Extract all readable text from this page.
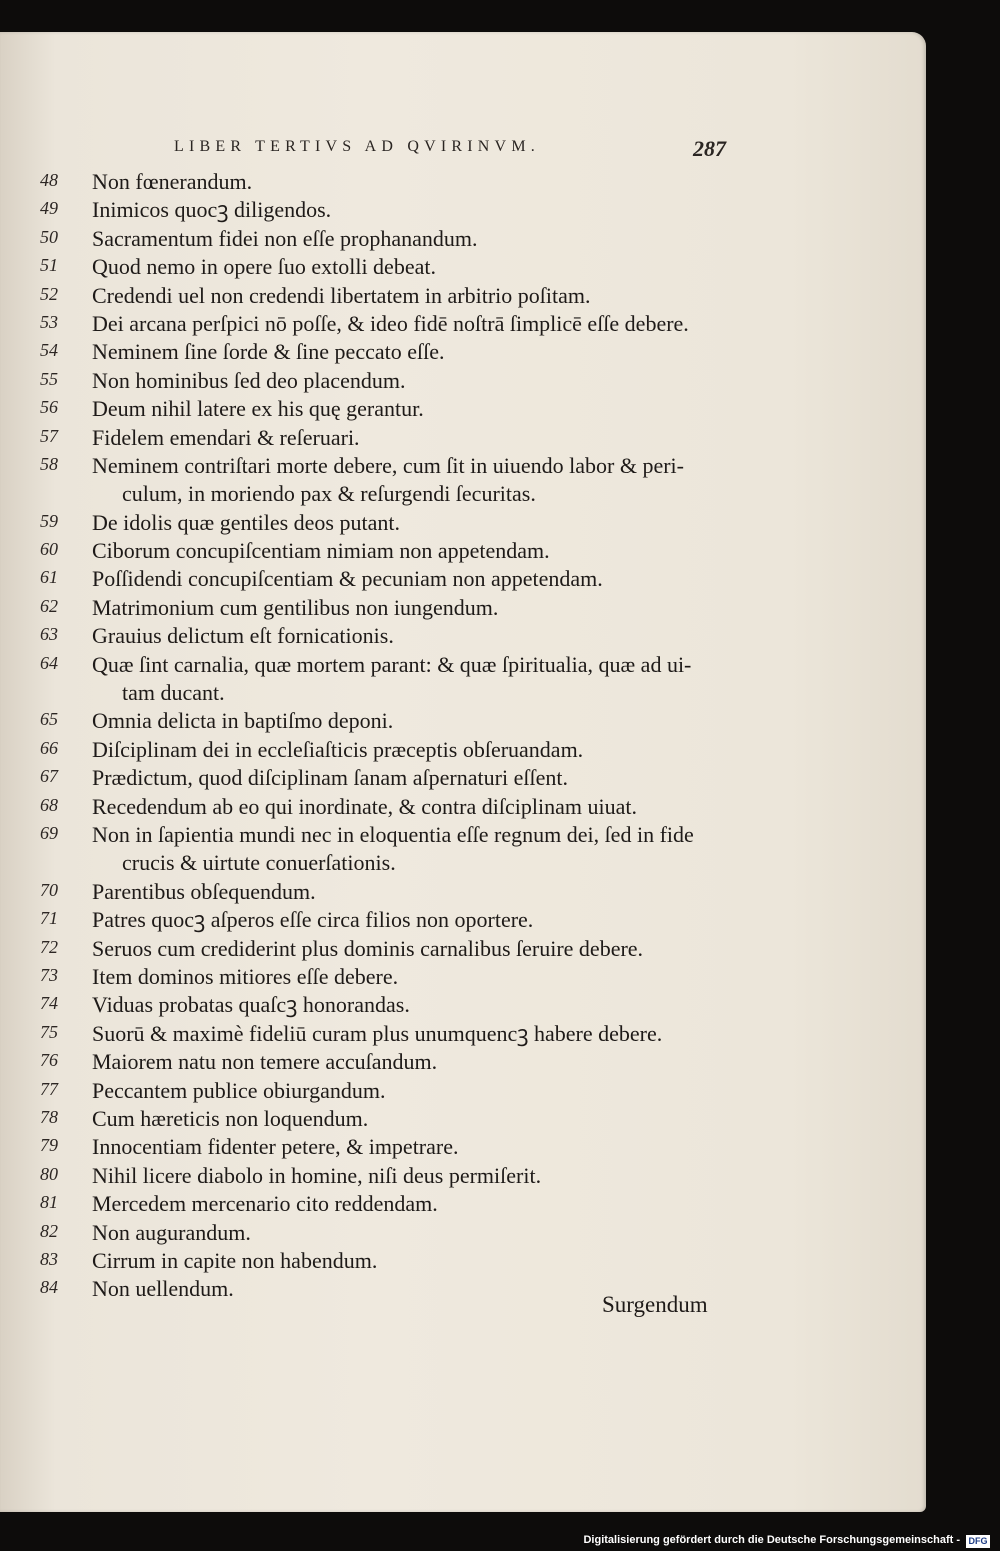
LIBER TERTIVS AD QVIRINVM.	287
Surgendum
48	Non fœnerandum.
49	Inimicos quocꝫ diligendos.
50	Sacramentum fidei non eſſe prophanandum.
51	Quod nemo in opere ſuo extolli debeat.
52	Credendi uel non credendi libertatem in arbitrio poſitam.
53	Dei arcana perſpici nō poſſe, & ideo fidē noſtrā ſimplicē eſſe debere.
54	Neminem ſine ſorde & ſine peccato eſſe.
55	Non hominibus ſed deo placendum.
56	Deum nihil latere ex his quę gerantur.
57	Fidelem emendari & reſeruari.
58	Neminem contriſtari morte debere, cum ſit in uiuendo labor & peri-
culum, in moriendo pax & reſurgendi ſecuritas.
59	De idolis quæ gentiles deos putant.
60	Ciborum concupiſcentiam nimiam non appetendam.
61	Poſſidendi concupiſcentiam & pecuniam non appetendam.
62	Matrimonium cum gentilibus non iungendum.
63	Grauius delictum eſt fornicationis.
64	Quæ ſint carnalia, quæ mortem parant: & quæ ſpiritualia, quæ ad ui-
tam ducant.
65	Omnia delicta in baptiſmo deponi.
66	Diſciplinam dei in eccleſiaſticis præceptis obſeruandam.
67	Prædictum, quod diſciplinam ſanam aſpernaturi eſſent.
68	Recedendum ab eo qui inordinate, & contra diſciplinam uiuat.
69	Non in ſapientia mundi nec in eloquentia eſſe regnum dei, ſed in fide
crucis & uirtute conuerſationis.
70	Parentibus obſequendum.
71	Patres quocꝫ aſperos eſſe circa filios non oportere.
72	Seruos cum crediderint plus dominis carnalibus ſeruire debere.
73	Item dominos mitiores eſſe debere.
74	Viduas probatas quaſcꝫ honorandas.
75	Suorū & maximè fideliū curam plus unumquencꝫ habere debere.
76	Maiorem natu non temere accuſandum.
77	Peccantem publice obiurgandum.
78	Cum hæreticis non loquendum.
79	Innocentiam fidenter petere, & impetrare.
80	Nihil licere diabolo in homine, niſi deus permiſerit.
81	Mercedem mercenario cito reddendam.
82	Non augurandum.
83	Cirrum in capite non habendum.
84	Non uellendum.
Digitalisierung gefördert durch die Deutsche Forschungsgemeinschaft - DFG
